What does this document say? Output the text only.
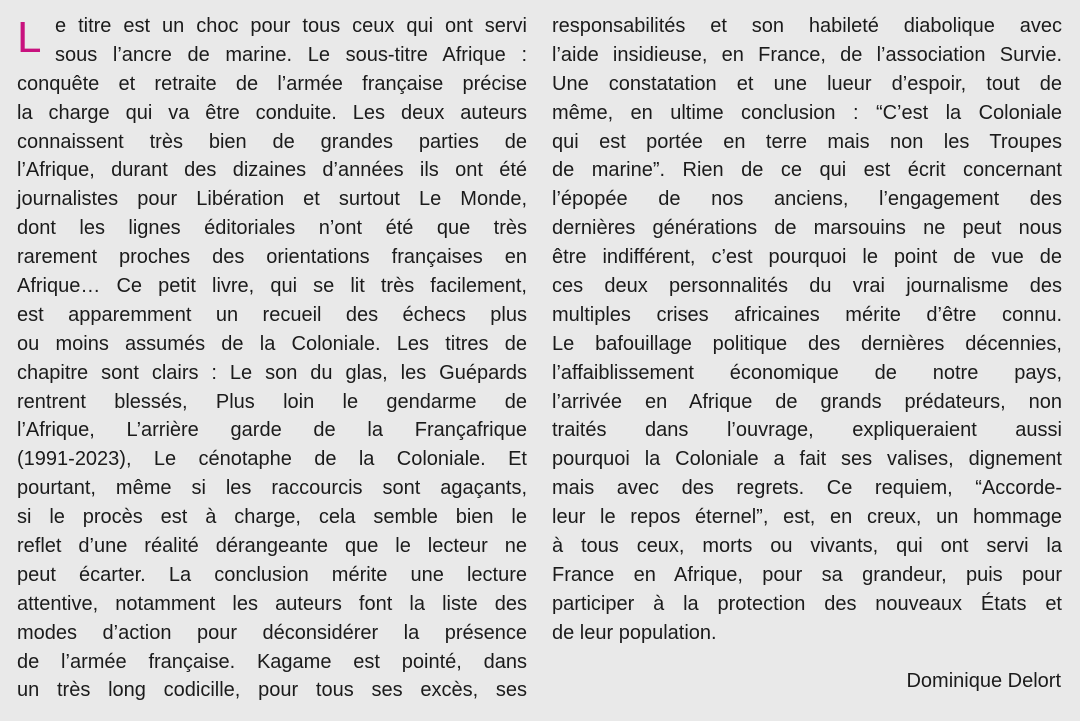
L e titre est un choc pour tous ceux qui ont servi
sous l’ancre de marine. Le sous-titre Afrique :
conquête et retraite de l’armée française précise
la charge qui va être conduite. Les deux auteurs
connaissent très bien de grandes parties de
l’Afrique, durant des dizaines d’années ils ont été
journalistes pour Libération et surtout Le Monde,
dont les lignes éditoriales n’ont été que très
rarement proches des orientations françaises en
Afrique… Ce petit livre, qui se lit très facilement,
est apparemment un recueil des échecs plus
ou moins assumés de la Coloniale. Les titres de
chapitre sont clairs : Le son du glas, les Guépards
rentrent blessés, Plus loin le gendarme de
l’Afrique, L’arrière garde de la Françafrique
(1991-2023), Le cénotaphe de la Coloniale. Et
pourtant, même si les raccourcis sont agaçants,
si le procès est à charge, cela semble bien le
reflet d’une réalité dérangeante que le lecteur ne
peut écarter. La conclusion mérite une lecture
attentive, notamment les auteurs font la liste des
modes d’action pour déconsidérer la présence
de l’armée française. Kagame est pointé, dans
un très long codicille, pour tous ses excès, ses
responsabilités et son habileté diabolique avec
l’aide insidieuse, en France, de l’association Survie.
Une constatation et une lueur d’espoir, tout de
même, en ultime conclusion : “C’est la Coloniale
qui est portée en terre mais non les Troupes
de marine”. Rien de ce qui est écrit concernant
l’épopée de nos anciens, l’engagement des
dernières générations de marsouins ne peut nous
être indifférent, c’est pourquoi le point de vue de
ces deux personnalités du vrai journalisme des
multiples crises africaines mérite d’être connu.
Le bafouillage politique des dernières décennies,
l’affaiblissement économique de notre pays,
l’arrivée en Afrique de grands prédateurs, non
traités dans l’ouvrage, expliqueraient aussi
pourquoi la Coloniale a fait ses valises, dignement
mais avec des regrets. Ce requiem, “Accorde-
leur le repos éternel”, est, en creux, un hommage
à tous ceux, morts ou vivants, qui ont servi la
France en Afrique, pour sa grandeur, puis pour
participer à la protection des nouveaux États et
de leur population.
Dominique Delort
